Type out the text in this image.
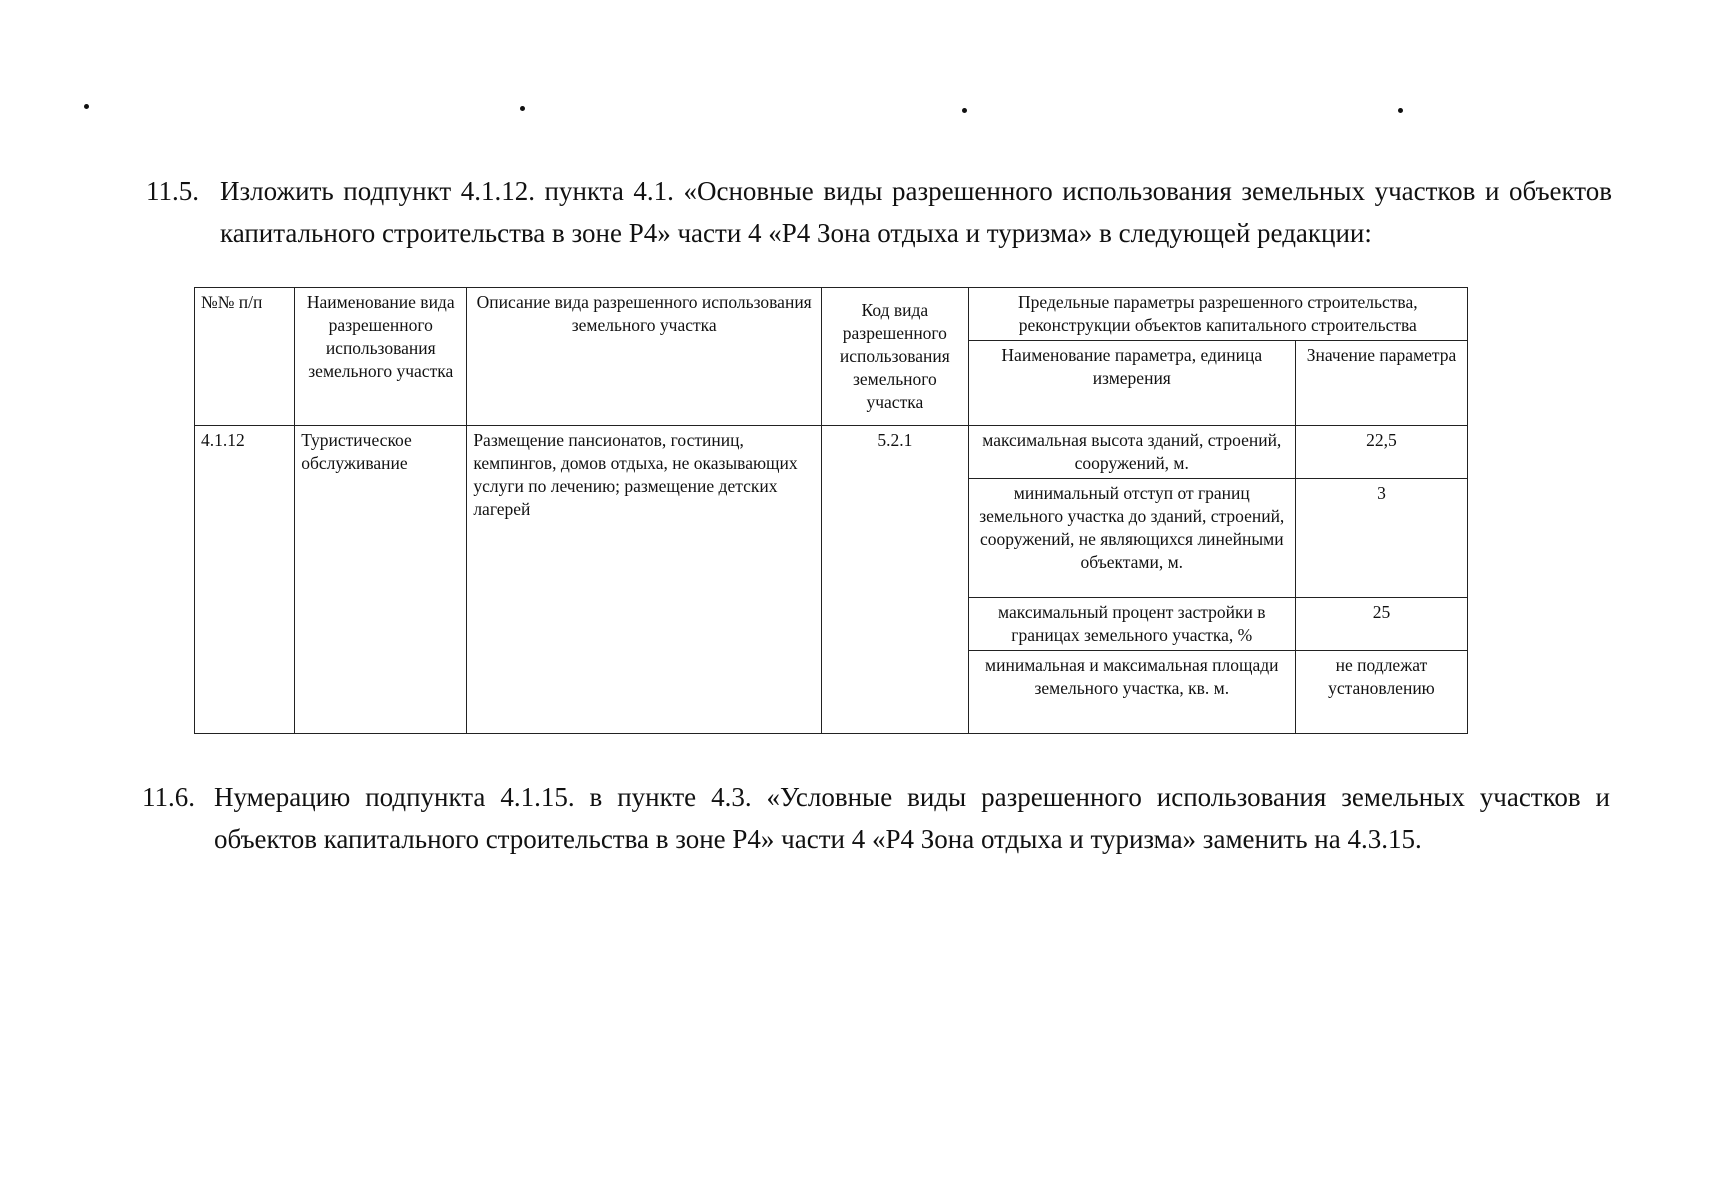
11.5. Изложить подпункт 4.1.12. пункта 4.1. «Основные виды разрешенного использования земельных участков и объектов капитального строительства в зоне Р4» части 4 «Р4 Зона отдыха и туризма» в следующей редакции:
№№ п/п	Наименование вида разрешенного использования земельного участка	Описание вида разрешенного использования земельного участка	Код вида разрешенного использования земельного участка	Предельные параметры разрешенного строительства, реконструкции объектов капитального строительства	
				Наименование параметра, единица измерения	Значение параметра
4.1.12	Туристическое обслуживание	Размещение пансионатов, гостиниц, кемпингов, домов отдыха, не оказывающих услуги по лечению; размещение детских лагерей	5.2.1	максимальная высота зданий, строений, сооружений, м.	22,5
				минимальный отступ от границ земельного участка до зданий, строений, сооружений, не являющихся линейными объектами, м.	3
				максимальный процент застройки в границах земельного участка, %	25
				минимальная и максимальная площади земельного участка, кв. м.	не подлежат установлению
11.6. Нумерацию подпункта 4.1.15. в пункте 4.3. «Условные виды разрешенного использования земельных участков и объектов капитального строительства в зоне Р4» части 4 «Р4 Зона отдыха и туризма» заменить на 4.3.15.
